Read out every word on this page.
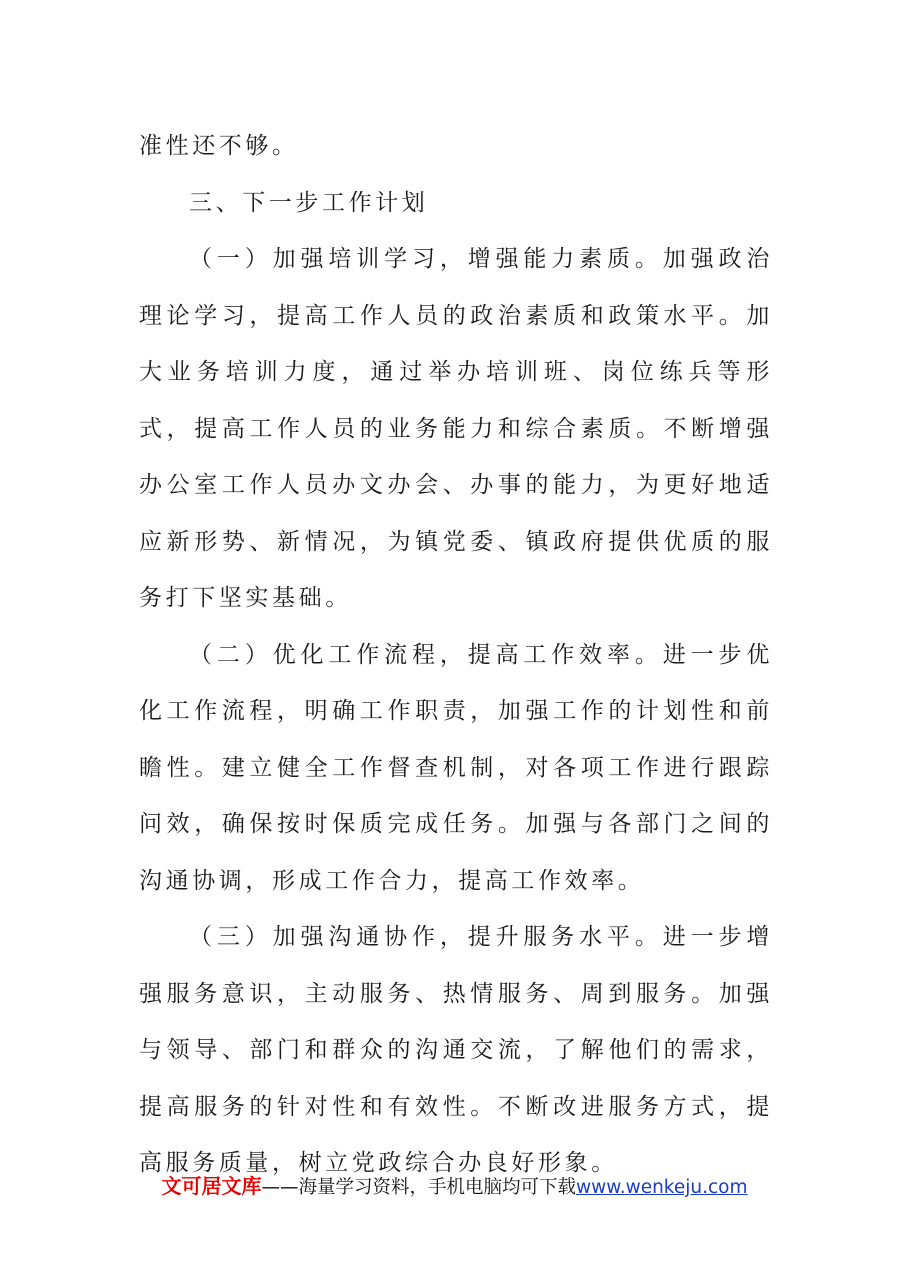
准性还不够。

三、下一步工作计划

（一）加强培训学习，增强能力素质。加强政治理论学习，提高工作人员的政治素质和政策水平。加大业务培训力度，通过举办培训班、岗位练兵等形式，提高工作人员的业务能力和综合素质。不断增强办公室工作人员办文办会、办事的能力，为更好地适应新形势、新情况，为镇党委、镇政府提供优质的服务打下坚实基础。

（二）优化工作流程，提高工作效率。进一步优化工作流程，明确工作职责，加强工作的计划性和前瞻性。建立健全工作督查机制，对各项工作进行跟踪问效，确保按时保质完成任务。加强与各部门之间的沟通协调，形成工作合力，提高工作效率。

（三）加强沟通协作，提升服务水平。进一步增强服务意识，主动服务、热情服务、周到服务。加强与领导、部门和群众的沟通交流，了解他们的需求，提高服务的针对性和有效性。不断改进服务方式，提高服务质量，树立党政综合办良好形象。

文可居文库——海量学习资料，手机电脑均可下载www.wenkeju.com
